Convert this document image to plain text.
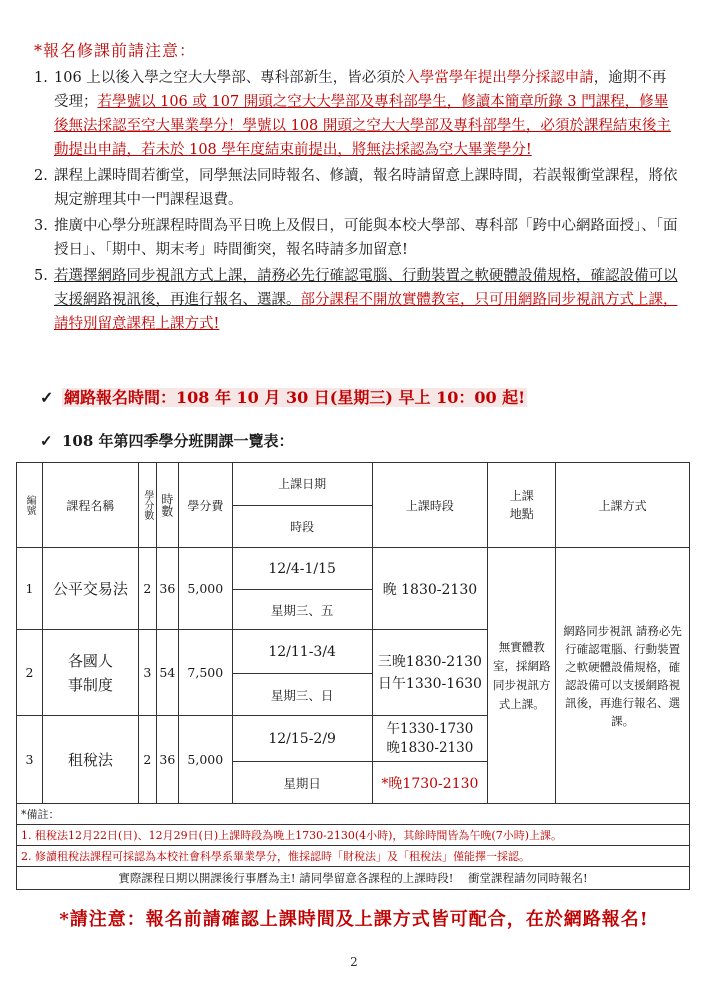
*報名修課前請注意：
1. 106 上以後入學之空大大學部、專科部新生，皆必須於入學當學年提出學分採認申請，逾期不再受理；若學號以 106 或 107 開頭之空大大學部及專科部學生，修讀本簡章所錄 3 門課程，修畢後無法採認至空大畢業學分！學號以 108 開頭之空大大學部及專科部學生，必須於課程結束後主動提出申請，若未於 108 學年度結束前提出，將無法採認為空大畢業學分!
2. 課程上課時間若衝堂，同學無法同時報名、修讀，報名時請留意上課時間，若誤報衝堂課程，將依規定辦理其中一門課程退費。
3. 推廣中心學分班課程時間為平日晚上及假日，可能與本校大學部、專科部「跨中心網路面授」、「面授日」、「期中、期末考」時間衝突，報名時請多加留意!
5. 若選擇網路同步視訊方式上課，請務必先行確認電腦、行動裝置之軟硬體設備規格，確認設備可以支援網路視訊後，再進行報名、選課。部分課程不開放實體教室，只可用網路同步視訊方式上課，請特別留意課程上課方式!
✓ 網路報名時間：108 年 10 月 30 日(星期三) 早上 10：00 起!
✓ 108 年第四季學分班開課一覽表：
編號	課程名稱	學分數	時數	學分費	上課日期	上課時段	上課地點	上課方式
					時段			
1	公平交易法	2	36	5,000	12/4-1/15	晚 1830-2130	無實體教室，採網路同步視訊方式上課。	網路同步視訊 請務必先行確認電腦、行動裝置之軟硬體設備規格，確認設備可以支援網路視訊後，再進行報名、選課。
					星期三、五			
2	各國人事制度	3	54	7,500	12/11-3/4	三晚1830-2130
日午1330-1630		

					星期三、日			
3	租稅法	2	36	5,000	12/15-2/9	午1330-1730
晚1830-2130		

					星期日	*晚1730-2130		
*備註：								
1. 租稅法12月22日(日)、12月29日(日)上課時段為晚上1730-2130(4小時)，其餘時間皆為午晚(7小時)上課。								
2. 修讀租稅法課程可採認為本校社會科學系畢業學分，惟採認時「財稅法」及「租稅法」僅能擇一採認。								
實際課程日期以開課後行事曆為主! 請同學留意各課程的上課時段!    衝堂課程請勿同時報名!								
*請注意：報名前請確認上課時間及上課方式皆可配合，在於網路報名!
2
